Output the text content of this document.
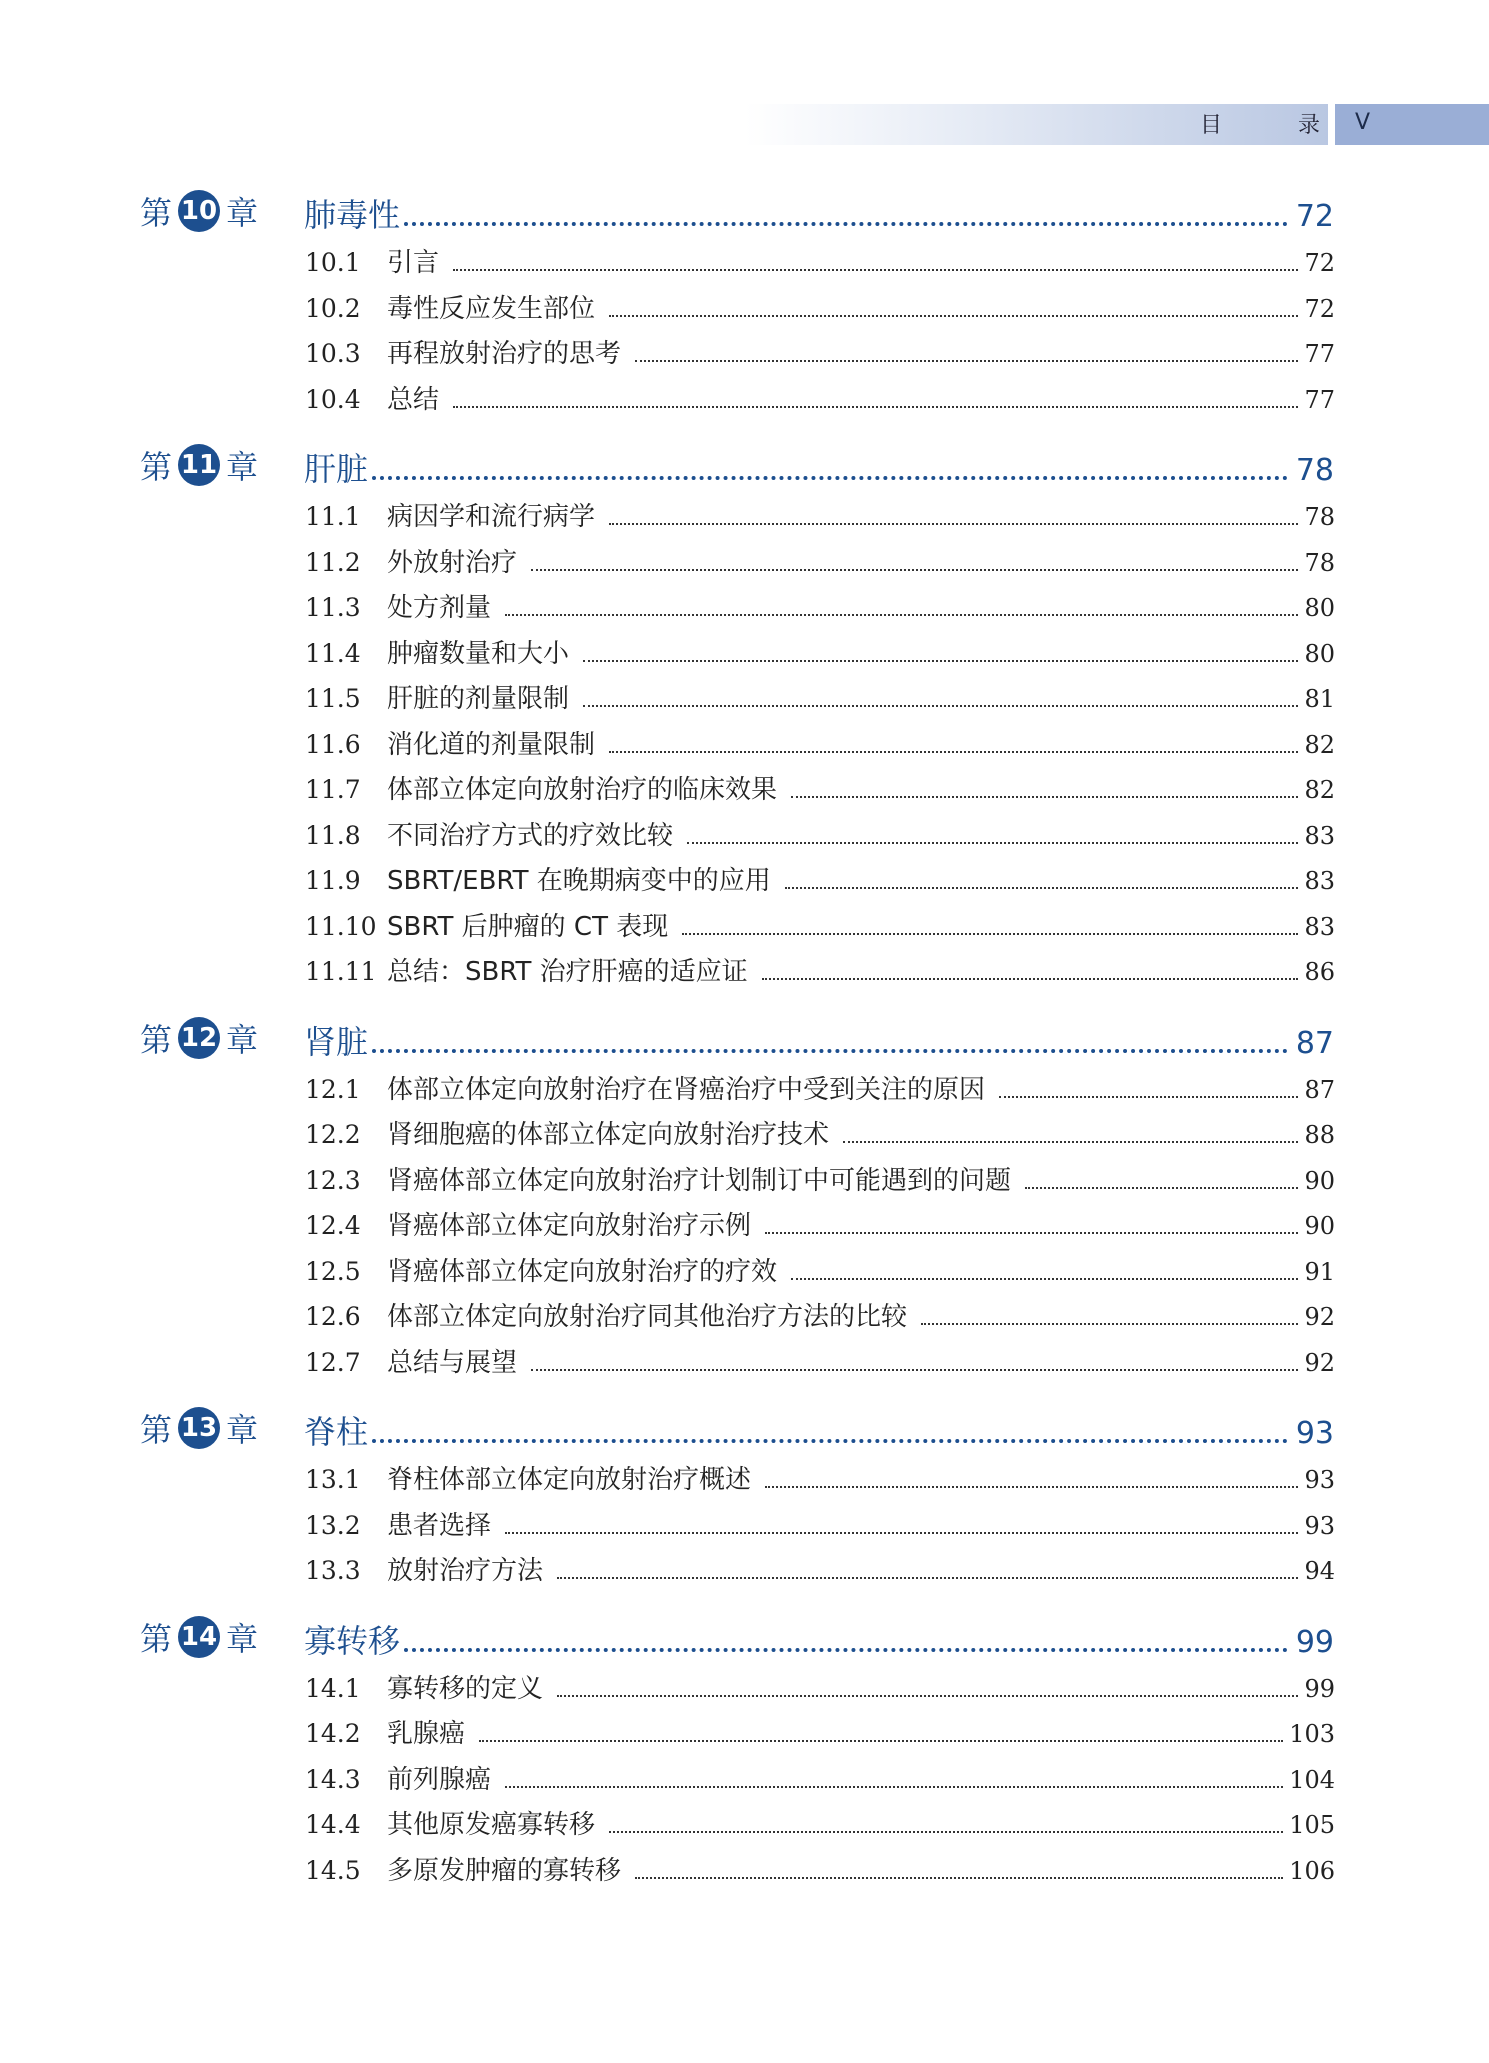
目	录 V
第 10 章 肺毒性	72
10.1	引言	72
10.2	毒性反应发生部位	72
10.3	再程放射治疗的思考	77
10.4	总结	77
第 11 章 肝脏	78
11.1	病因学和流行病学	78
11.2	外放射治疗	78
11.3	处方剂量	80
11.4	肿瘤数量和大小	80
11.5	肝脏的剂量限制	81
11.6	消化道的剂量限制	82
11.7	体部立体定向放射治疗的临床效果	82
11.8	不同治疗方式的疗效比较	83
11.9	SBRT/EBRT 在晚期病变中的应用	83
11.10 SBRT 后肿瘤的 CT 表现	83
11.11 总结：SBRT 治疗肝癌的适应证	86
第 12 章 肾脏	87
12.1	体部立体定向放射治疗在肾癌治疗中受到关注的原因	87
12.2	肾细胞癌的体部立体定向放射治疗技术	88
12.3	肾癌体部立体定向放射治疗计划制订中可能遇到的问题	90
12.4	肾癌体部立体定向放射治疗示例	90
12.5	肾癌体部立体定向放射治疗的疗效	91
12.6	体部立体定向放射治疗同其他治疗方法的比较	92
12.7	总结与展望	92
第 13 章 脊柱	93
13.1	脊柱体部立体定向放射治疗概述	93
13.2	患者选择	93
13.3	放射治疗方法	94
第 14 章 寡转移	99
14.1	寡转移的定义	99
14.2	乳腺癌	103
14.3	前列腺癌	104
14.4	其他原发癌寡转移	105
14.5	多原发肿瘤的寡转移	106
